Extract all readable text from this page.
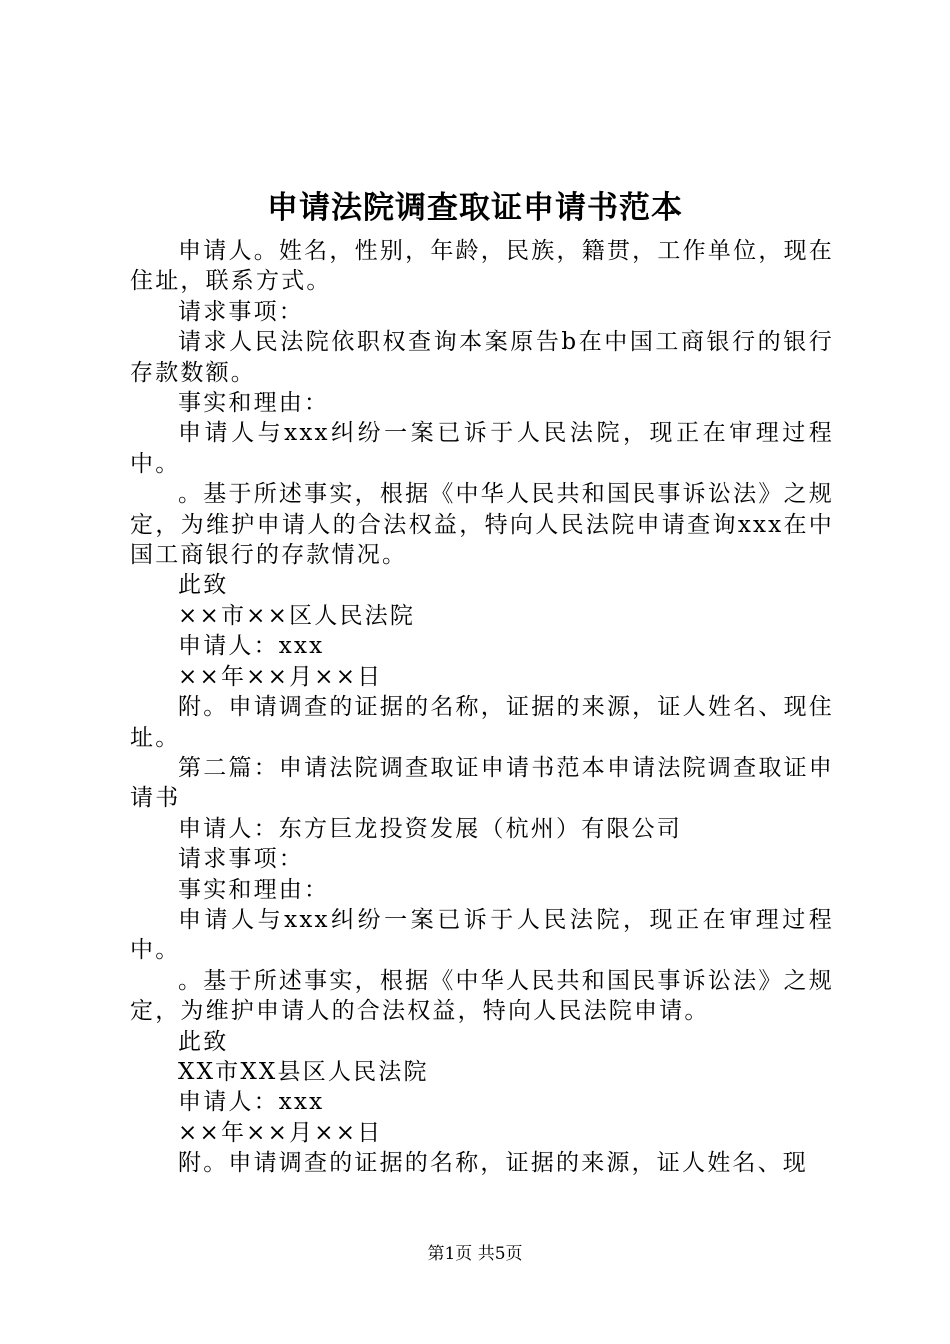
申请法院调查取证申请书范本

申请人。姓名，性别，年龄，民族，籍贯，工作单位，现在住址，联系方式。

请求事项：

请求人民法院依职权查询本案原告b在中国工商银行的银行存款数额。

事实和理由：

申请人与xxx纠纷一案已诉于人民法院，现正在审理过程中。

。基于所述事实，根据《中华人民共和国民事诉讼法》之规定，为维护申请人的合法权益，特向人民法院申请查询xxx在中国工商银行的存款情况。

此致

××市××区人民法院

申请人：xxx

××年××月××日

附。申请调查的证据的名称，证据的来源，证人姓名、现住址。

第二篇：申请法院调查取证申请书范本申请法院调查取证申请书

申请人：东方巨龙投资发展（杭州）有限公司

请求事项：

事实和理由：

申请人与xxx纠纷一案已诉于人民法院，现正在审理过程中。

。基于所述事实，根据《中华人民共和国民事诉讼法》之规定，为维护申请人的合法权益，特向人民法院申请。

此致

XX市XX县区人民法院

申请人：xxx

××年××月××日

附。申请调查的证据的名称，证据的来源，证人姓名、现

第1页 共5页
